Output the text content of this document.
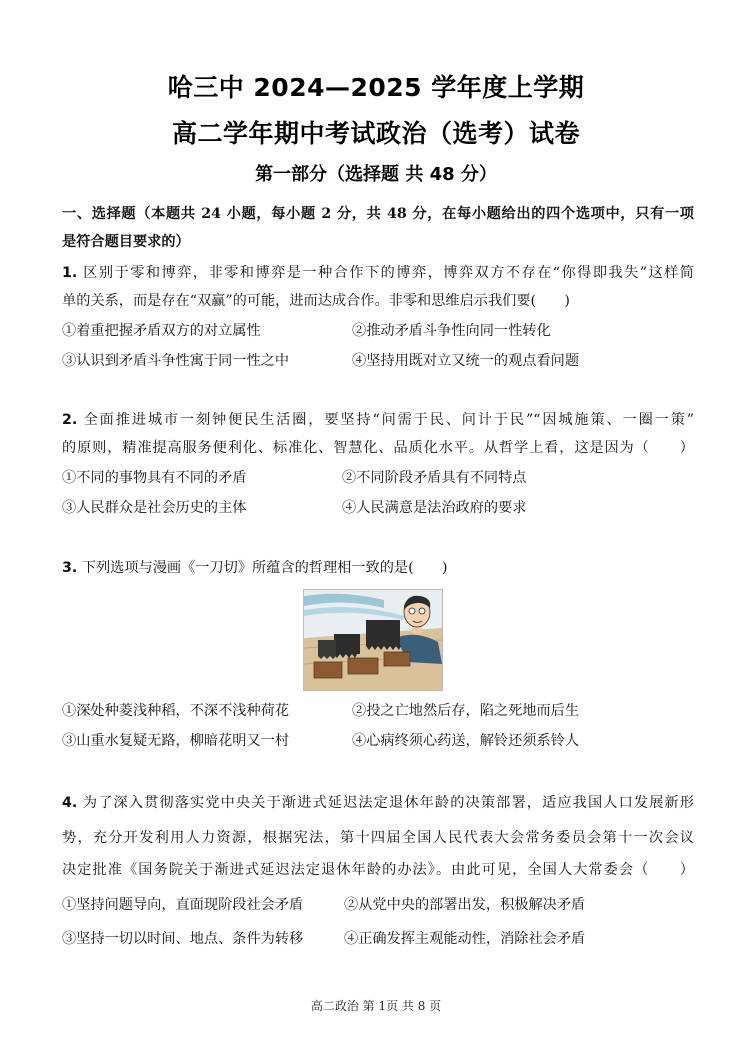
哈三中 2024—2025 学年度上学期
高二学年期中考试政治（选考）试卷
第一部分（选择题 共 48 分）
一、选择题（本题共 24 小题，每小题 2 分，共 48 分，在每小题给出的四个选项中，只有一项
是符合题目要求的）
1. 区别于零和博弈，非零和博弈是一种合作下的博弈，博弈双方不存在“你得即我失”这样简
单的关系，而是存在“双赢”的可能，进而达成合作。非零和思维启示我们要(　　)
①着重把握矛盾双方的对立属性	②推动矛盾斗争性向同一性转化
③认识到矛盾斗争性寓于同一性之中	④坚持用既对立又统一的观点看问题
2. 全面推进城市一刻钟便民生活圈，要坚持“问需于民、问计于民”“因城施策、一圈一策”
的原则，精准提高服务便利化、标准化、智慧化、品质化水平。从哲学上看，这是因为（　　）
①不同的事物具有不同的矛盾	②不同阶段矛盾具有不同特点
③人民群众是社会历史的主体	④人民满意是法治政府的要求
3. 下列选项与漫画《一刀切》所蕴含的哲理相一致的是(　　)
①深处种菱浅种稻，不深不浅种荷花	②投之亡地然后存，陷之死地而后生
③山重水复疑无路，柳暗花明又一村	④心病终须心药送，解铃还须系铃人
4. 为了深入贯彻落实党中央关于渐进式延迟法定退休年龄的决策部署，适应我国人口发展新形
势，充分开发利用人力资源，根据宪法，第十四届全国人民代表大会常务委员会第十一次会议
决定批准《国务院关于渐进式延迟法定退休年龄的办法》。由此可见，全国人大常委会（　　）
①坚持问题导向，直面现阶段社会矛盾	②从党中央的部署出发，积极解决矛盾
③坚持一切以时间、地点、条件为转移	④正确发挥主观能动性，消除社会矛盾
高二政治 第 1页 共 8 页
